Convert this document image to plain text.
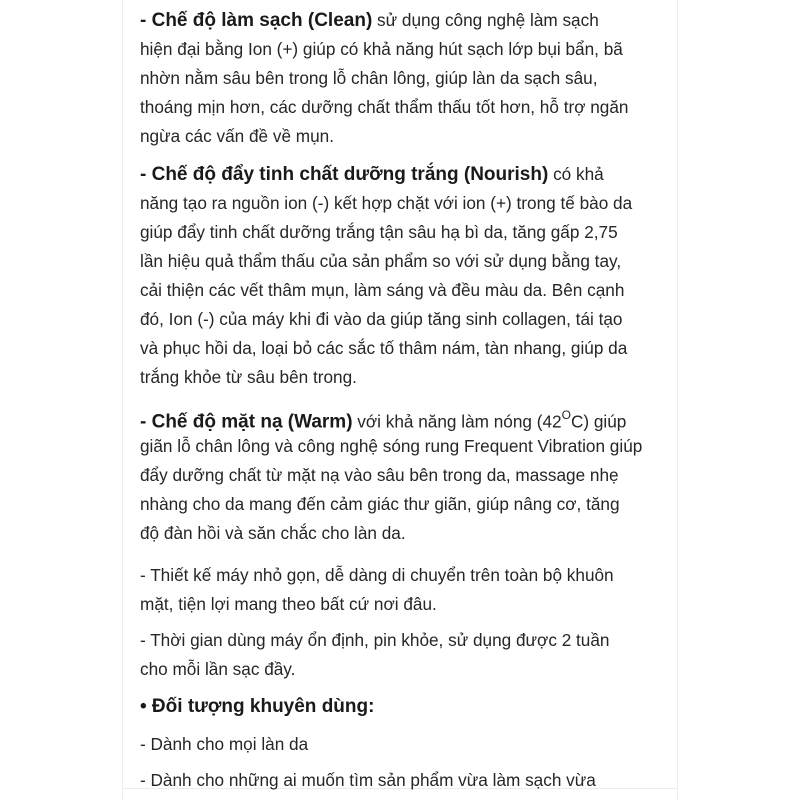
- Chế độ làm sạch (Clean) sử dụng công nghệ làm sạch
hiện đại bằng Ion (+) giúp có khả năng hút sạch lớp bụi bẩn, bã
nhờn nằm sâu bên trong lỗ chân lông, giúp làn da sạch sâu,
thoáng mịn hơn, các dưỡng chất thẩm thấu tốt hơn, hỗ trợ ngăn
ngừa các vấn đề về mụn.
- Chế độ đẩy tinh chất dưỡng trắng (Nourish) có khả
năng tạo ra nguồn ion (-) kết hợp chặt với ion (+) trong tế bào da
giúp đẩy tinh chất dưỡng trắng tận sâu hạ bì da, tăng gấp 2,75
lần hiệu quả thẩm thấu của sản phẩm so với sử dụng bằng tay,
cải thiện các vết thâm mụn, làm sáng và đều màu da. Bên cạnh
đó, Ion (-) của máy khi đi vào da giúp tăng sinh collagen, tái tạo
và phục hồi da, loại bỏ các sắc tố thâm nám, tàn nhang, giúp da
trắng khỏe từ sâu bên trong.
- Chế độ mặt nạ (Warm) với khả năng làm nóng $(42^OC)$ giúp
giãn lỗ chân lông và công nghệ sóng rung Frequent Vibration giúp
đẩy dưỡng chất từ mặt nạ vào sâu bên trong da, massage nhẹ
nhàng cho da mang đến cảm giác thư giãn, giúp nâng cơ, tăng
độ đàn hồi và săn chắc cho làn da.
- Thiết kế máy nhỏ gọn, dễ dàng di chuyển trên toàn bộ khuôn
mặt, tiện lợi mang theo bất cứ nơi đâu.
- Thời gian dùng máy ổn định, pin khỏe, sử dụng được 2 tuần
cho mỗi lần sạc đầy.
• Đối tượng khuyên dùng:
- Dành cho mọi làn da
- Dành cho những ai muốn tìm sản phẩm vừa làm sạch vừa
